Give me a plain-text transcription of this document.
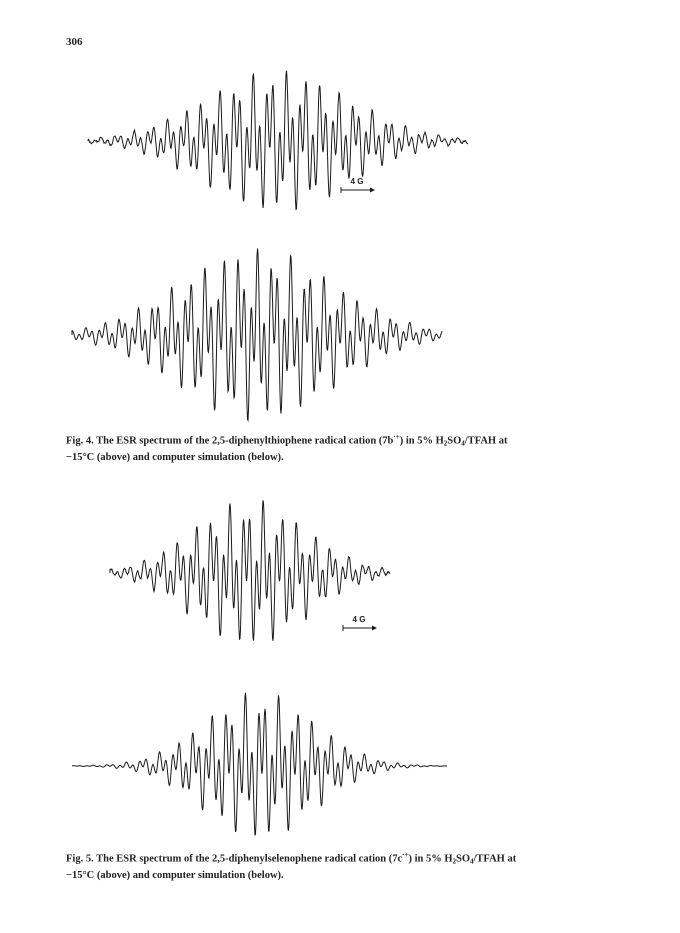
306
4 G
Fig. 4. The ESR spectrum of the 2,5-diphenylthiophene radical cation (7b·+) in 5% $H_2SO_4$/TFAH at
−15°C (above) and computer simulation (below).
4 G
Fig. 5. The ESR spectrum of the 2,5-diphenylselenophene radical cation (7c·+) in 5% $H_2SO_4$/TFAH at
−15°C (above) and computer simulation (below).
